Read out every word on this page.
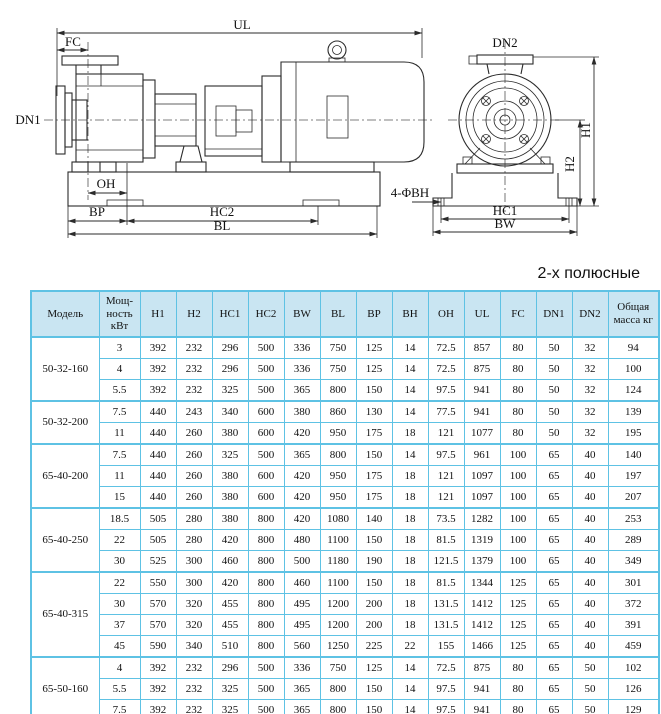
UL
FC
DN1
OH
BP	HC2
BL
DN2
4-ΦBH
HC1
BW
H1
H2
2-х полюсные
Модель	Мощ-ность кВт	H1	H2	HC1	HC2	BW	BL	BP	BH	OH	UL	FC	DN1	DN2	Общая масса кг
50-32-160	3	392	232	296	500	336	750	125	14	72.5	857	80	50	32	94
	4	392	232	296	500	336	750	125	14	72.5	875	80	50	32	100
	5.5	392	232	325	500	365	800	150	14	97.5	941	80	50	32	124
50-32-200	7.5	440	243	340	600	380	860	130	14	77.5	941	80	50	32	139
	11	440	260	380	600	420	950	175	18	121	1077	80	50	32	195
65-40-200	7.5	440	260	325	500	365	800	150	14	97.5	961	100	65	40	140
	11	440	260	380	600	420	950	175	18	121	1097	100	65	40	197
	15	440	260	380	600	420	950	175	18	121	1097	100	65	40	207
65-40-250	18.5	505	280	380	800	420	1080	140	18	73.5	1282	100	65	40	253
	22	505	280	420	800	480	1100	150	18	81.5	1319	100	65	40	289
	30	525	300	460	800	500	1180	190	18	121.5	1379	100	65	40	349
65-40-315	22	550	300	420	800	460	1100	150	18	81.5	1344	125	65	40	301
	30	570	320	455	800	495	1200	200	18	131.5	1412	125	65	40	372
	37	570	320	455	800	495	1200	200	18	131.5	1412	125	65	40	391
	45	590	340	510	800	560	1250	225	22	155	1466	125	65	40	459
65-50-160	4	392	232	296	500	336	750	125	14	72.5	875	80	65	50	102
	5.5	392	232	325	500	365	800	150	14	97.5	941	80	65	50	126
	7.5	392	232	325	500	365	800	150	14	97.5	941	80	65	50	129
